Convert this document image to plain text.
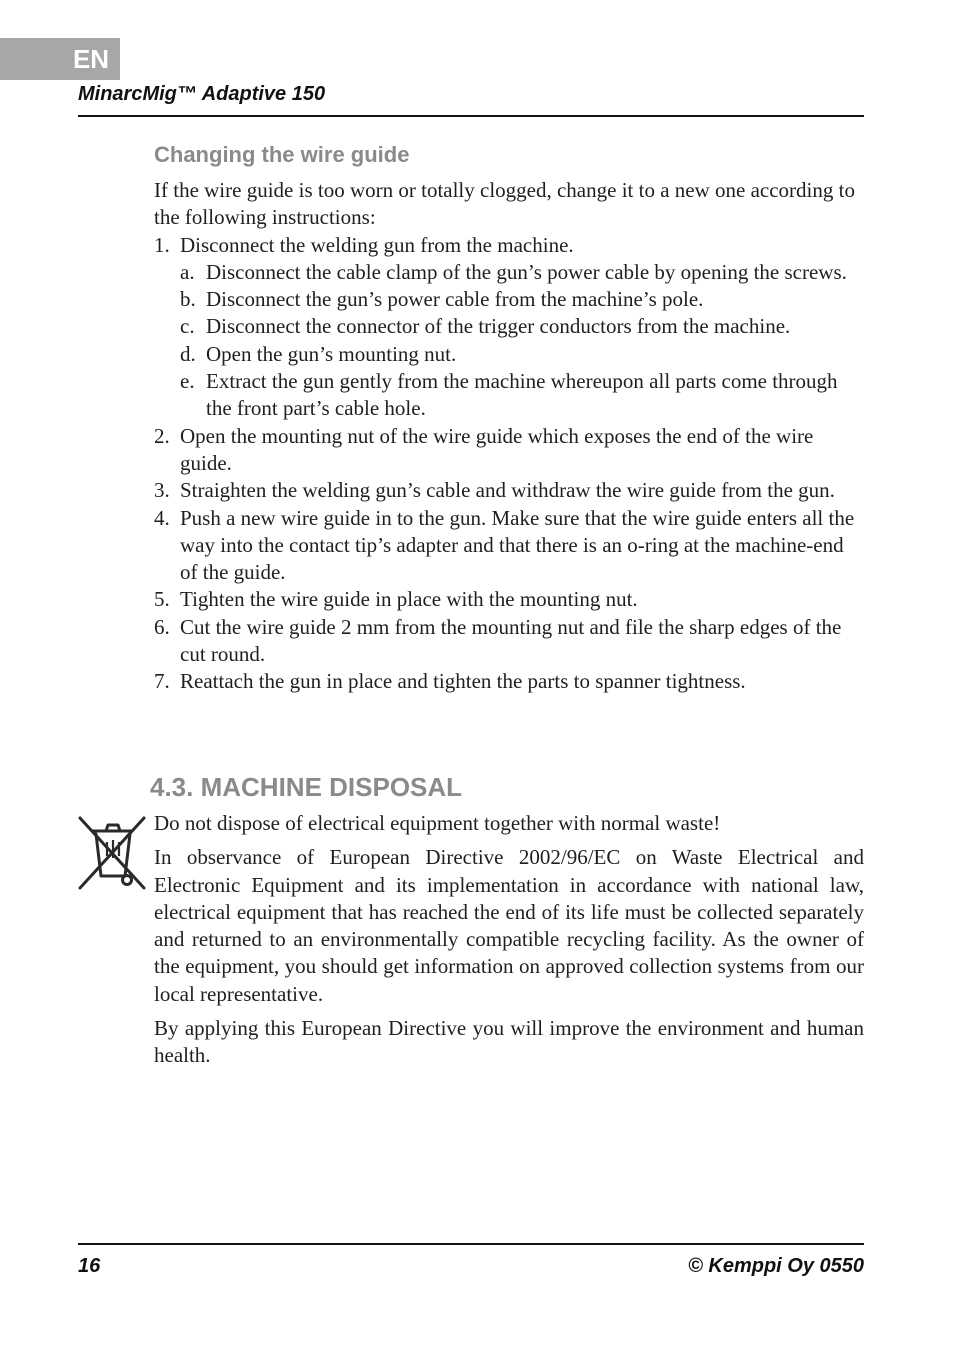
EN
MinarcMig™ Adaptive 150
Changing the wire guide

If the wire guide is too worn or totally clogged, change it to a new one according to the following instructions:

1. Disconnect the welding gun from the machine.
a. Disconnect the cable clamp of the gun’s power cable by opening the screws.
b. Disconnect the gun’s power cable from the machine’s pole.
c. Disconnect the connector of the trigger conductors from the machine.
d. Open the gun’s mounting nut.
e. Extract the gun gently from the machine whereupon all parts come through the front part’s cable hole.
2. Open the mounting nut of the wire guide which exposes the end of the wire guide.
3. Straighten the welding gun’s cable and withdraw the wire guide from the gun.
4. Push a new wire guide in to the gun. Make sure that the wire guide enters all the way into the contact tip’s adapter and that there is an o-ring at the machine-end of the guide.
5. Tighten the wire guide in place with the mounting nut.
6. Cut the wire guide 2 mm from the mounting nut and file the sharp edges of the cut round.
7. Reattach the gun in place and tighten the parts to spanner tightness.
4.3. MACHINE DISPOSAL

Do not dispose of electrical equipment together with normal waste!

In observance of European Directive 2002/96/EC on Waste Electrical and Electronic Equipment and its implementation in accordance with national law, electrical equipment that has reached the end of its life must be collected separately and returned to an environmentally compatible recycling facility. As the owner of the equipment, you should get information on approved collection systems from our local representative.

By applying this European Directive you will improve the environment and human health.

16	© Kemppi Oy 0550
